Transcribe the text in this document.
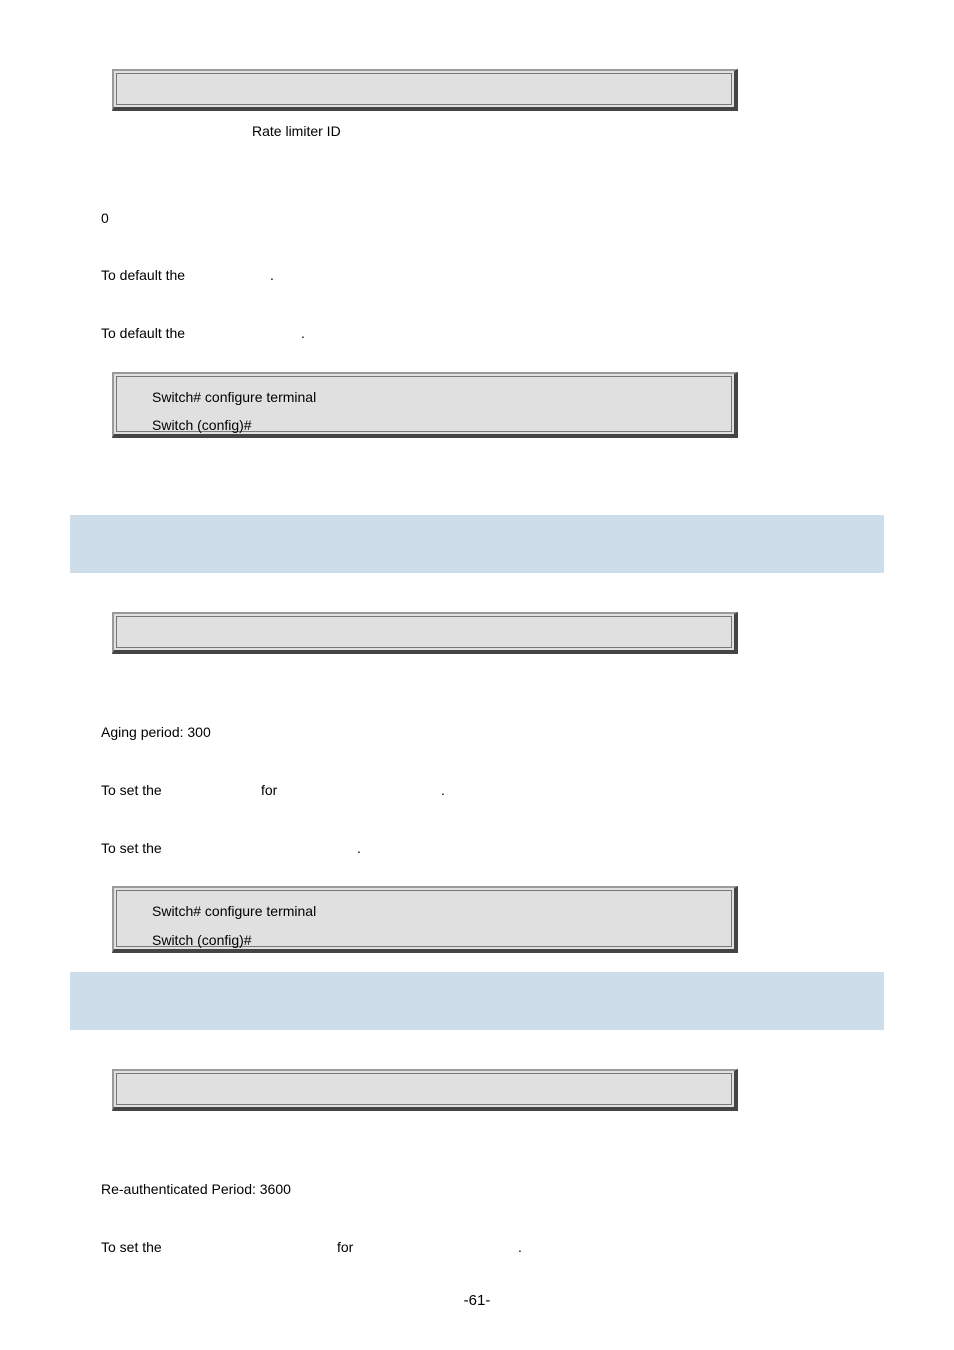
Rate limiter ID
0
To default the	.
To default the	.
Switch# configure terminal
Switch (config)#
Aging period: 300
To set the	for	.
To set the	.
Switch# configure terminal
Switch (config)#
Re-authenticated Period: 3600
To set the	for	.
-61-
